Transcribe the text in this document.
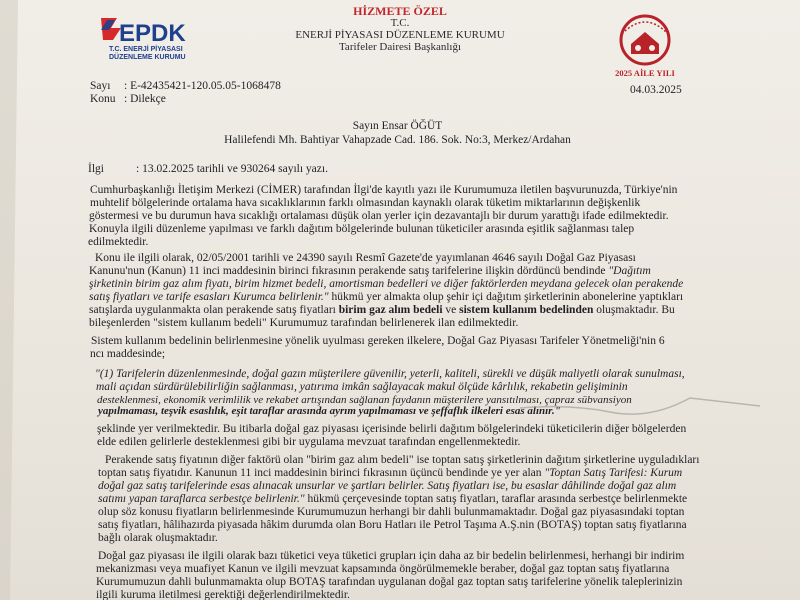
HİZMETE ÖZEL
T.C.
ENERJİ PİYASASI DÜZENLEME KURUMU
Tarifeler Dairesi Başkanlığı
EPDK
T.C. ENERJİ PİYASASI
DÜZENLEME KURUMU
2025 AİLE YILI
Sayı : E-42435421-120.05.05-1068478
Konu : Dilekçe
04.03.2025
Sayın Ensar ÖĞÜT
Halilefendi Mh. Bahtiyar Vahapzade Cad. 186. Sok. No:3, Merkez/Ardahan
İlgi	: 13.02.2025 tarihli ve 930264 sayılı yazı.
Cumhurbaşkanlığı İletişim Merkezi (CİMER) tarafından İlgi'de kayıtlı yazı ile Kurumumuza iletilen başvurunuzda, Türkiye'nin
muhtelif bölgelerinde ortalama hava sıcaklıklarının farklı olmasından kaynaklı olarak tüketim miktarlarının değişkenlik
göstermesi ve bu durumun hava sıcaklığı ortalaması düşük olan yerler için dezavantajlı bir durum yarattığı ifade edilmektedir.
Konuyla ilgili düzenleme yapılması ve farklı dağıtım bölgelerinde bulunan tüketiciler arasında eşitlik sağlanması talep
edilmektedir.
Konu ile ilgili olarak, 02/05/2001 tarihli ve 24390 sayılı Resmî Gazete'de yayımlanan 4646 sayılı Doğal Gaz Piyasası
Kanunu'nun (Kanun) 11 inci maddesinin birinci fıkrasının perakende satış tarifelerine ilişkin dördüncü bendinde "Dağıtım
şirketinin birim gaz alım fiyatı, birim hizmet bedeli, amortisman bedelleri ve diğer faktörlerden meydana gelecek olan perakende
satış fiyatları ve tarife esasları Kurumca belirlenir." hükmü yer almakta olup şehir içi dağıtım şirketlerinin abonelerine yaptıkları
satışlarda uygulanmakta olan perakende satış fiyatları birim gaz alım bedeli ve sistem kullanım bedelinden oluşmaktadır. Bu
bileşenlerden "sistem kullanım bedeli" Kurumumuz tarafından belirlenerek ilan edilmektedir.
Sistem kullanım bedelinin belirlenmesine yönelik uyulması gereken ilkelere, Doğal Gaz Piyasası Tarifeler Yönetmeliği'nin 6
ncı maddesinde;
"(1) Tarifelerin düzenlenmesinde, doğal gazın müşterilere güvenilir, yeterli, kaliteli, sürekli ve düşük maliyetli olarak sunulması,
mali açıdan sürdürülebilirliğin sağlanması, yatırıma imkân sağlayacak makul ölçüde kârlılık, rekabetin gelişiminin
desteklenmesi, ekonomik verimlilik ve rekabet artışından sağlanan faydanın müşterilere yansıtılması, çapraz sübvansiyon
yapılmaması, teşvik esaslılık, eşit taraflar arasında ayrım yapılmaması ve şeffaflık ilkeleri esas alınır."
şeklinde yer verilmektedir. Bu itibarla doğal gaz piyasası içerisinde belirli dağıtım bölgelerindeki tüketicilerin diğer bölgelerden
elde edilen gelirlerle desteklenmesi gibi bir uygulama mevzuat tarafından engellenmektedir.
Perakende satış fiyatının diğer faktörü olan "birim gaz alım bedeli" ise toptan satış şirketlerinin dağıtım şirketlerine uyguladıkları
toptan satış fiyatıdır. Kanunun 11 inci maddesinin birinci fıkrasının üçüncü bendinde ye yer alan "Toptan Satış Tarifesi: Kurum
doğal gaz satış tarifelerinde esas alınacak unsurlar ve şartları belirler. Satış fiyatları ise, bu esaslar dâhilinde doğal gaz alım
satımı yapan taraflarca serbestçe belirlenir." hükmü çerçevesinde toptan satış fiyatları, taraflar arasında serbestçe belirlenmekte
olup söz konusu fiyatların belirlenmesinde Kurumumuzun herhangi bir dahli bulunmamaktadır. Doğal gaz piyasasındaki toptan
satış fiyatları, hâlihazırda piyasada hâkim durumda olan Boru Hatları ile Petrol Taşıma A.Ş.nin (BOTAŞ) toptan satış fiyatlarına
bağlı olarak oluşmaktadır.
Doğal gaz piyasası ile ilgili olarak bazı tüketici veya tüketici grupları için daha az bir bedelin belirlenmesi, herhangi bir indirim
mekanizması veya muafiyet Kanun ve ilgili mevzuat kapsamında öngörülmemekle beraber, doğal gaz toptan satış fiyatlarına
Kurumumuzun dahli bulunmamakta olup BOTAŞ tarafından uygulanan doğal gaz toptan satış tarifelerine yönelik taleplerinizin
ilgili kuruma iletilmesi gerektiği değerlendirilmektedir.
